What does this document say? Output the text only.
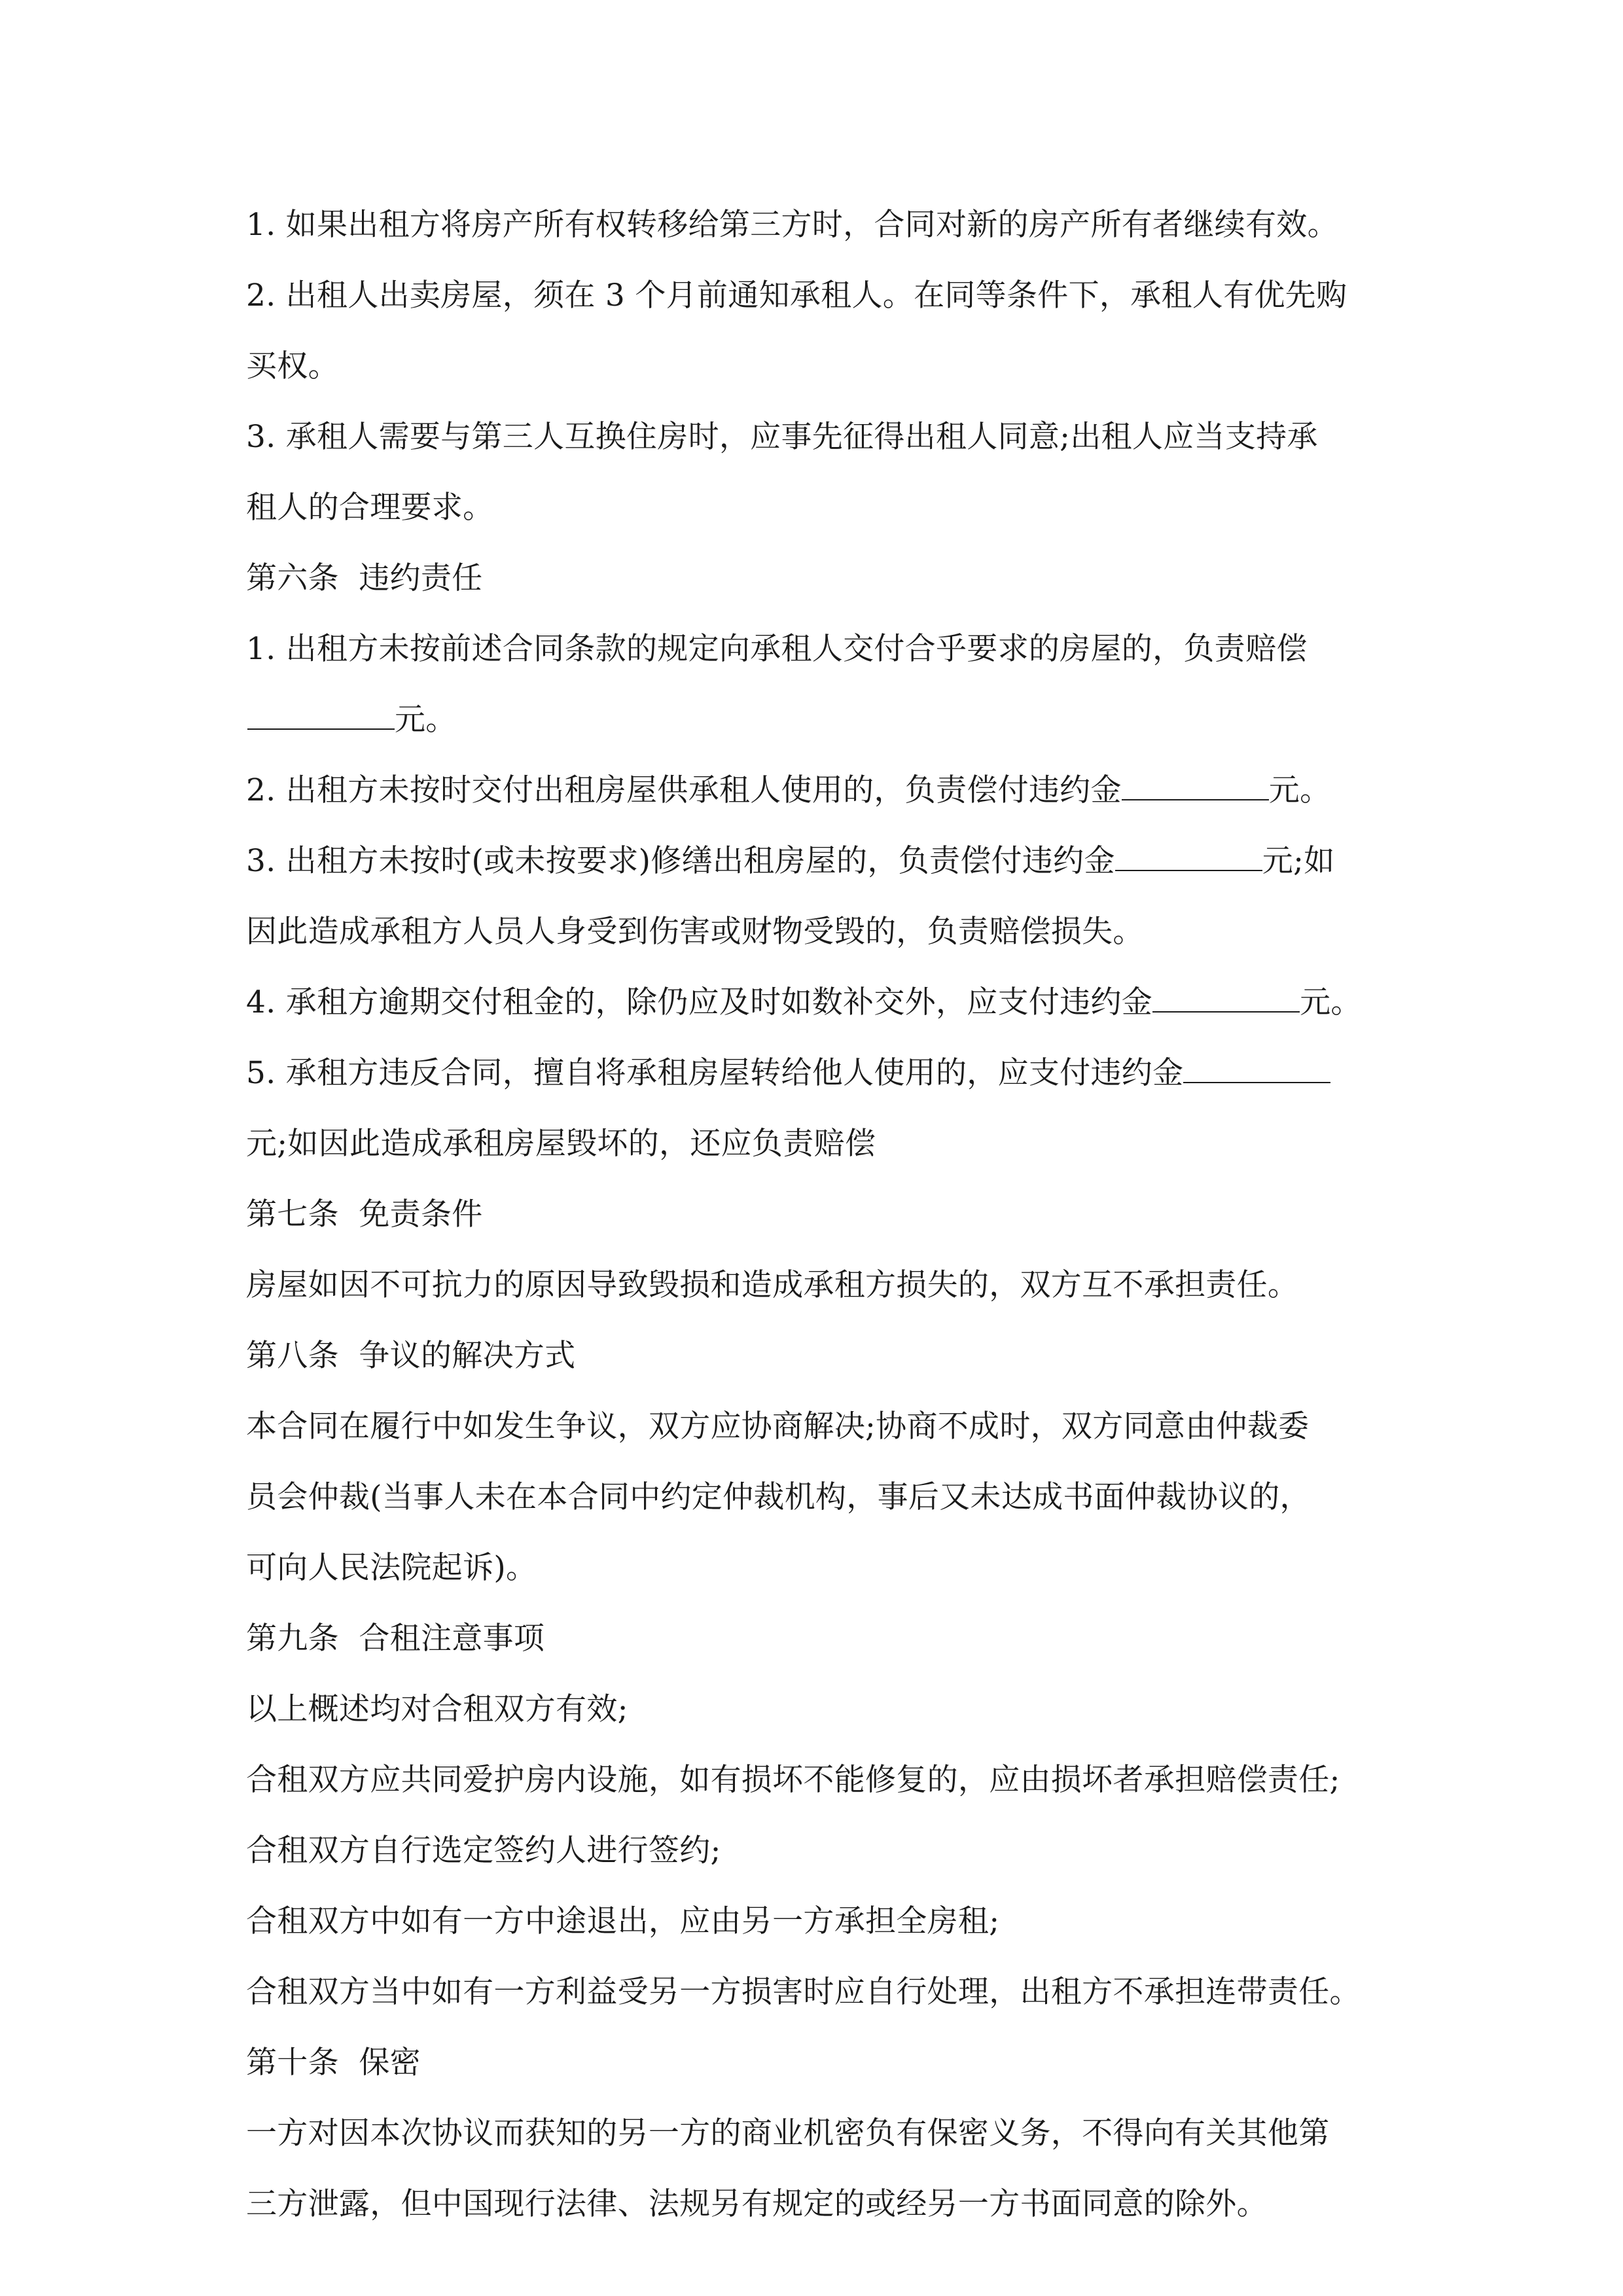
1. 如果出租方将房产所有权转移给第三方时，合同对新的房产所有者继续有效。
2. 出租人出卖房屋，须在 3 个月前通知承租人。在同等条件下，承租人有优先购
买权。
3. 承租人需要与第三人互换住房时，应事先征得出租人同意;出租人应当支持承
租人的合理要求。
第六条  违约责任
1. 出租方未按前述合同条款的规定向承租人交付合乎要求的房屋的，负责赔偿
元。
2. 出租方未按时交付出租房屋供承租人使用的，负责偿付违约金	元。
3. 出租方未按时(或未按要求)修缮出租房屋的，负责偿付违约金	元;如
因此造成承租方人员人身受到伤害或财物受毁的，负责赔偿损失。
4. 承租方逾期交付租金的，除仍应及时如数补交外，应支付违约金	元。
5. 承租方违反合同，擅自将承租房屋转给他人使用的，应支付违约金
元;如因此造成承租房屋毁坏的，还应负责赔偿
第七条  免责条件
房屋如因不可抗力的原因导致毁损和造成承租方损失的，双方互不承担责任。
第八条  争议的解决方式
本合同在履行中如发生争议，双方应协商解决;协商不成时，双方同意由仲裁委
员会仲裁(当事人未在本合同中约定仲裁机构，事后又未达成书面仲裁协议的，
可向人民法院起诉)。
第九条  合租注意事项
以上概述均对合租双方有效;
合租双方应共同爱护房内设施，如有损坏不能修复的，应由损坏者承担赔偿责任;
合租双方自行选定签约人进行签约;
合租双方中如有一方中途退出，应由另一方承担全房租;
合租双方当中如有一方利益受另一方损害时应自行处理，出租方不承担连带责任。
第十条  保密
一方对因本次协议而获知的另一方的商业机密负有保密义务，不得向有关其他第
三方泄露，但中国现行法律、法规另有规定的或经另一方书面同意的除外。
